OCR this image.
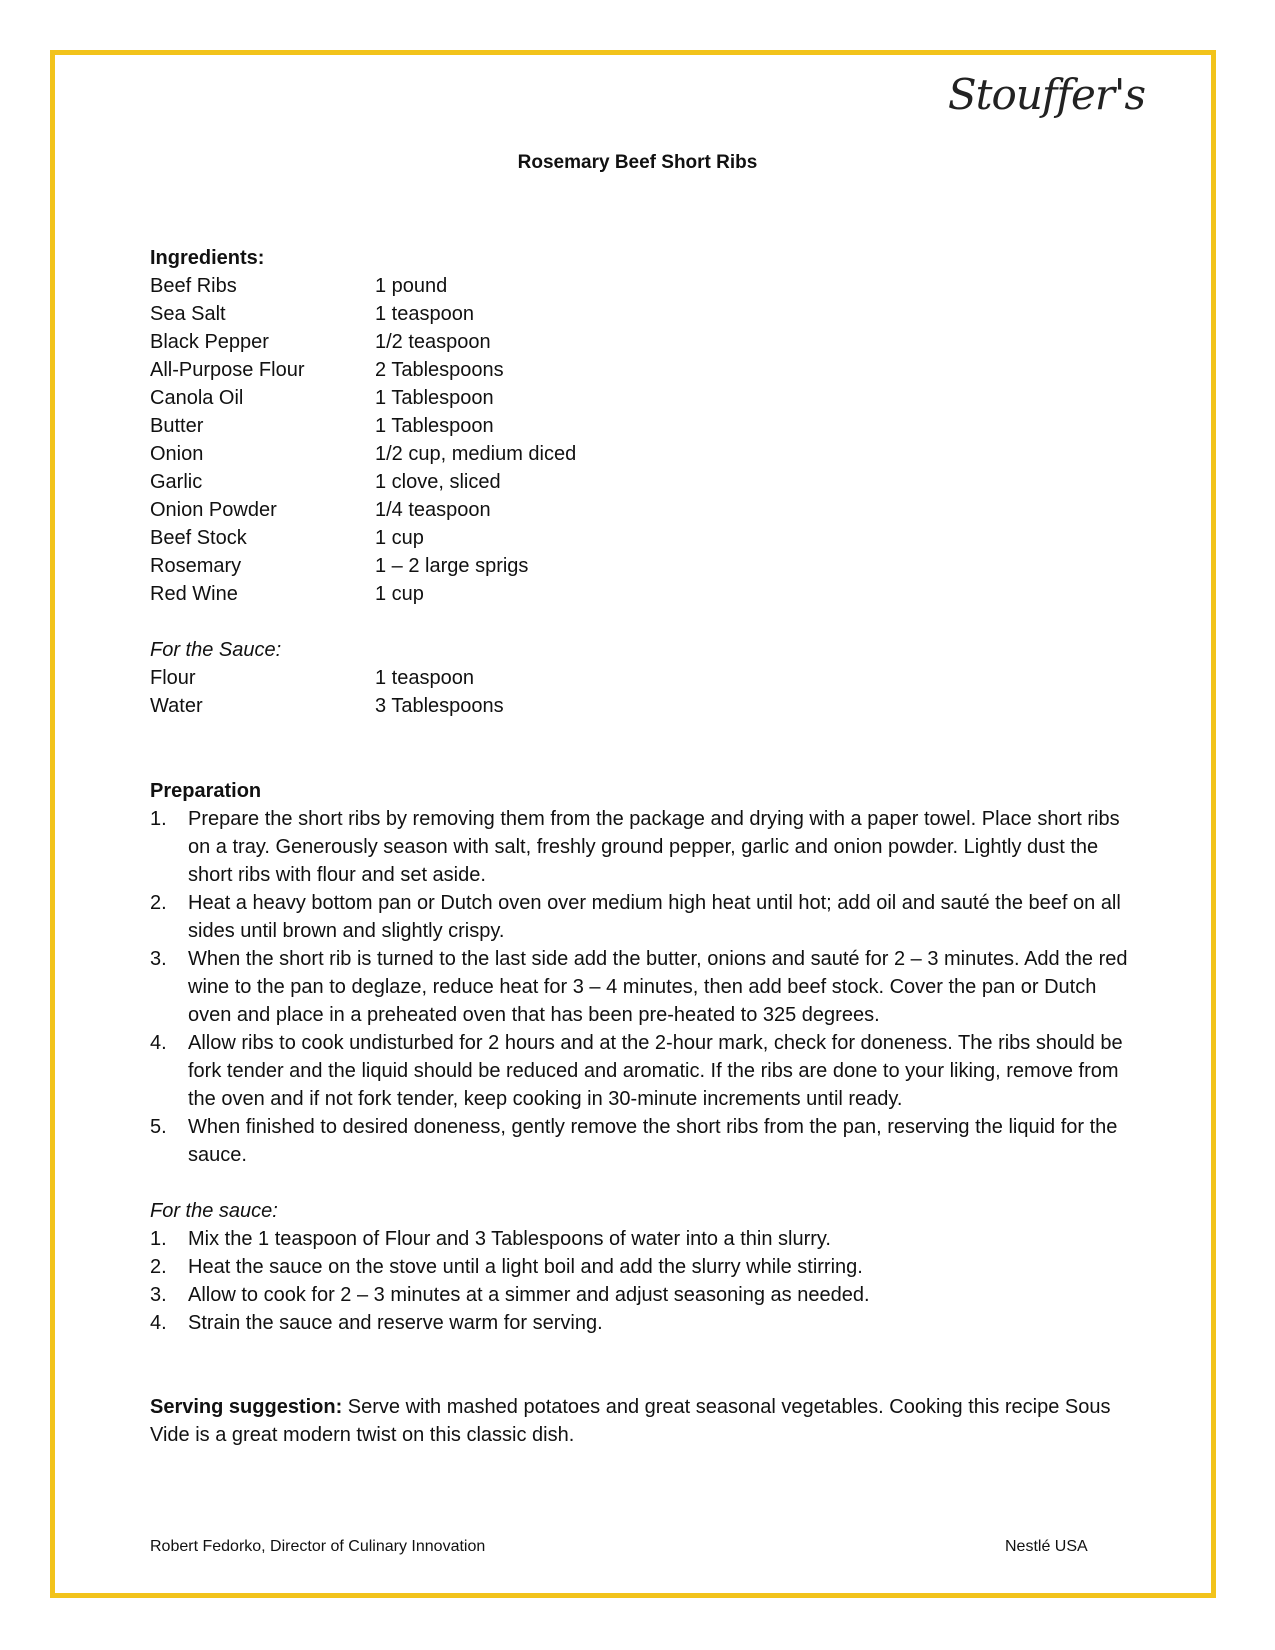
Stouffer's
Rosemary Beef Short Ribs
Ingredients:
Beef Ribs	1 pound
Sea Salt	1 teaspoon
Black Pepper	1/2 teaspoon
All-Purpose Flour	2 Tablespoons
Canola Oil	1 Tablespoon
Butter	1 Tablespoon
Onion	1/2 cup, medium diced
Garlic	1 clove, sliced
Onion Powder	1/4 teaspoon
Beef Stock	1 cup
Rosemary	1 – 2 large sprigs
Red Wine	1 cup
For the Sauce:
Flour	1 teaspoon
Water	3 Tablespoons
Preparation
1.	Prepare the short ribs by removing them from the package and drying with a paper towel. Place short ribs on a tray. Generously season with salt, freshly ground pepper, garlic and onion powder. Lightly dust the short ribs with flour and set aside.
2.	Heat a heavy bottom pan or Dutch oven over medium high heat until hot; add oil and sauté the beef on all sides until brown and slightly crispy.
3.	When the short rib is turned to the last side add the butter, onions and sauté for 2 – 3 minutes. Add the red wine to the pan to deglaze, reduce heat for 3 – 4 minutes, then add beef stock. Cover the pan or Dutch oven and place in a preheated oven that has been pre-heated to 325 degrees.
4.	Allow ribs to cook undisturbed for 2 hours and at the 2-hour mark, check for doneness. The ribs should be fork tender and the liquid should be reduced and aromatic. If the ribs are done to your liking, remove from the oven and if not fork tender, keep cooking in 30-minute increments until ready.
5.	When finished to desired doneness, gently remove the short ribs from the pan, reserving the liquid for the sauce.
For the sauce:
1.	Mix the 1 teaspoon of Flour and 3 Tablespoons of water into a thin slurry.
2.	Heat the sauce on the stove until a light boil and add the slurry while stirring.
3.	Allow to cook for 2 – 3 minutes at a simmer and adjust seasoning as needed.
4.	Strain the sauce and reserve warm for serving.
Serving suggestion: Serve with mashed potatoes and great seasonal vegetables. Cooking this recipe Sous Vide is a great modern twist on this classic dish.
Robert Fedorko, Director of Culinary Innovation	Nestlé USA
